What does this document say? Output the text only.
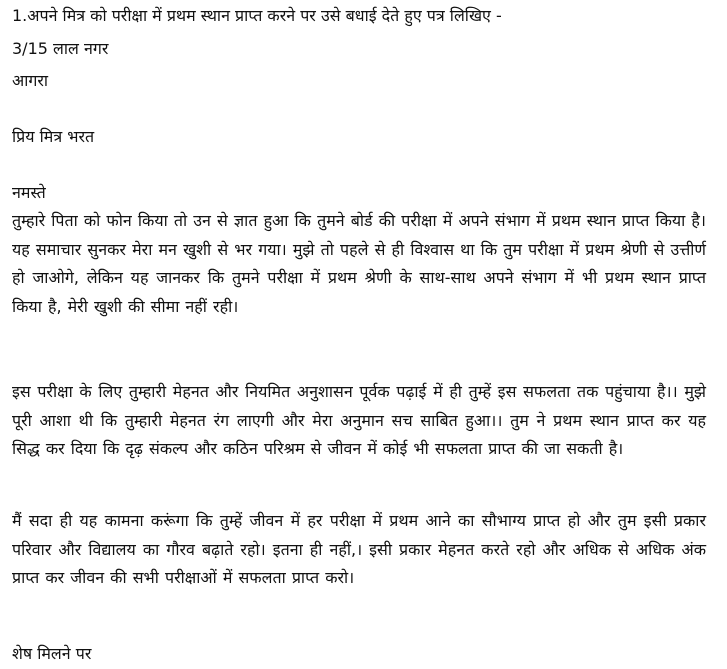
1.अपने मित्र को परीक्षा में प्रथम स्थान प्राप्त करने पर उसे बधाई देते हुए पत्र लिखिए -
3/15 लाल नगर
आगरा
प्रिय मित्र भरत
नमस्ते
तुम्हारे पिता को फोन किया तो उन से ज्ञात हुआ कि तुमने बोर्ड की परीक्षा में अपने संभाग में प्रथम स्थान प्राप्त किया है। यह समाचार सुनकर मेरा मन खुशी से भर गया। मुझे तो पहले से ही विश्वास था कि तुम परीक्षा में प्रथम श्रेणी से उत्तीर्ण हो जाओगे, लेकिन यह जानकर कि तुमने परीक्षा में प्रथम श्रेणी के साथ-साथ अपने संभाग में भी प्रथम स्थान प्राप्त किया है, मेरी खुशी की सीमा नहीं रही।
इस परीक्षा के लिए तुम्हारी मेहनत और नियमित अनुशासन पूर्वक पढ़ाई में ही तुम्हें इस सफलता तक पहुंचाया है।। मुझे पूरी आशा थी कि तुम्हारी मेहनत रंग लाएगी और मेरा अनुमान सच साबित हुआ।। तुम ने प्रथम स्थान प्राप्त कर यह सिद्ध कर दिया कि दृढ़ संकल्प और कठिन परिश्रम से जीवन में कोई भी सफलता प्राप्त की जा सकती है।
मैं सदा ही यह कामना करूंगा कि तुम्हें जीवन में हर परीक्षा में प्रथम आने का सौभाग्य प्राप्त हो और तुम इसी प्रकार परिवार और विद्यालय का गौरव बढ़ाते रहो। इतना ही नहीं,। इसी प्रकार मेहनत करते रहो और अधिक से अधिक अंक प्राप्त कर जीवन की सभी परीक्षाओं में सफलता प्राप्त करो।
शेष मिलने पर
